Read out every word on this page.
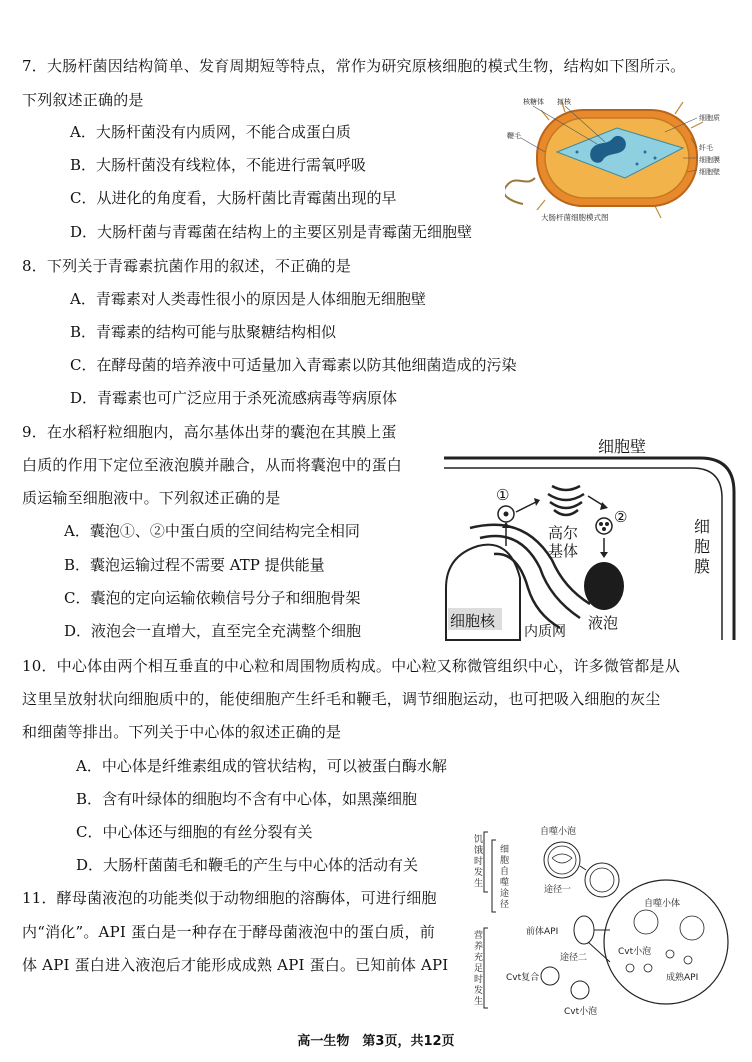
7．大肠杆菌因结构简单、发育周期短等特点，常作为研究原核细胞的模式生物，结构如下图所示。
下列叙述正确的是
A．大肠杆菌没有内质网，不能合成蛋白质
B．大肠杆菌没有线粒体，不能进行需氧呼吸
C．从进化的角度看，大肠杆菌比青霉菌出现的早
D．大肠杆菌与青霉菌在结构上的主要区别是青霉菌无细胞壁
核糖体 拟核
鞭毛
细胞质
纤毛
细胞膜
细胞壁
大肠杆菌细胞模式图
8．下列关于青霉素抗菌作用的叙述，不正确的是
A．青霉素对人类毒性很小的原因是人体细胞无细胞壁
B．青霉素的结构可能与肽聚糖结构相似
C．在酵母菌的培养液中可适量加入青霉素以防其他细菌造成的污染
D．青霉素也可广泛应用于杀死流感病毒等病原体
9．在水稻籽粒细胞内，高尔基体出芽的囊泡在其膜上蛋
白质的作用下定位至液泡膜并融合，从而将囊泡中的蛋白
质运输至细胞液中。下列叙述正确的是
A．囊泡①、②中蛋白质的空间结构完全相同
B．囊泡运输过程不需要 ATP 提供能量
C．囊泡的定向运输依赖信号分子和细胞骨架
D．液泡会一直增大，直至完全充满整个细胞
细胞壁
细
胞
膜
细胞核
内质网
①
高尔
基体
②
液泡
10．中心体由两个相互垂直的中心粒和周围物质构成。中心粒又称微管组织中心，许多微管都是从
这里呈放射状向细胞质中的，能使细胞产生纤毛和鞭毛，调节细胞运动，也可把吸入细胞的灰尘
和细菌等排出。下列关于中心体的叙述正确的是
A．中心体是纤维素组成的管状结构，可以被蛋白酶水解
B．含有叶绿体的细胞均不含有中心体，如黑藻细胞
C．中心体还与细胞的有丝分裂有关
D．大肠杆菌菌毛和鞭毛的产生与中心体的活动有关
11．酵母菌液泡的功能类似于动物细胞的溶酶体，可进行细胞
内“消化”。API 蛋白是一种存在于酵母菌液泡中的蛋白质，前
体 API 蛋白进入液泡后才能形成成熟 API 蛋白。已知前体 API
饥
饿
时
发
生
营
养
充
足
时
发
生
细
胞
自
噬
途
径
自噬小泡
途径一
自噬小体
Cvt小泡
成熟API
前体API
途径二
Cvt复合
Cvt小泡
高一生物　第3页，共12页
